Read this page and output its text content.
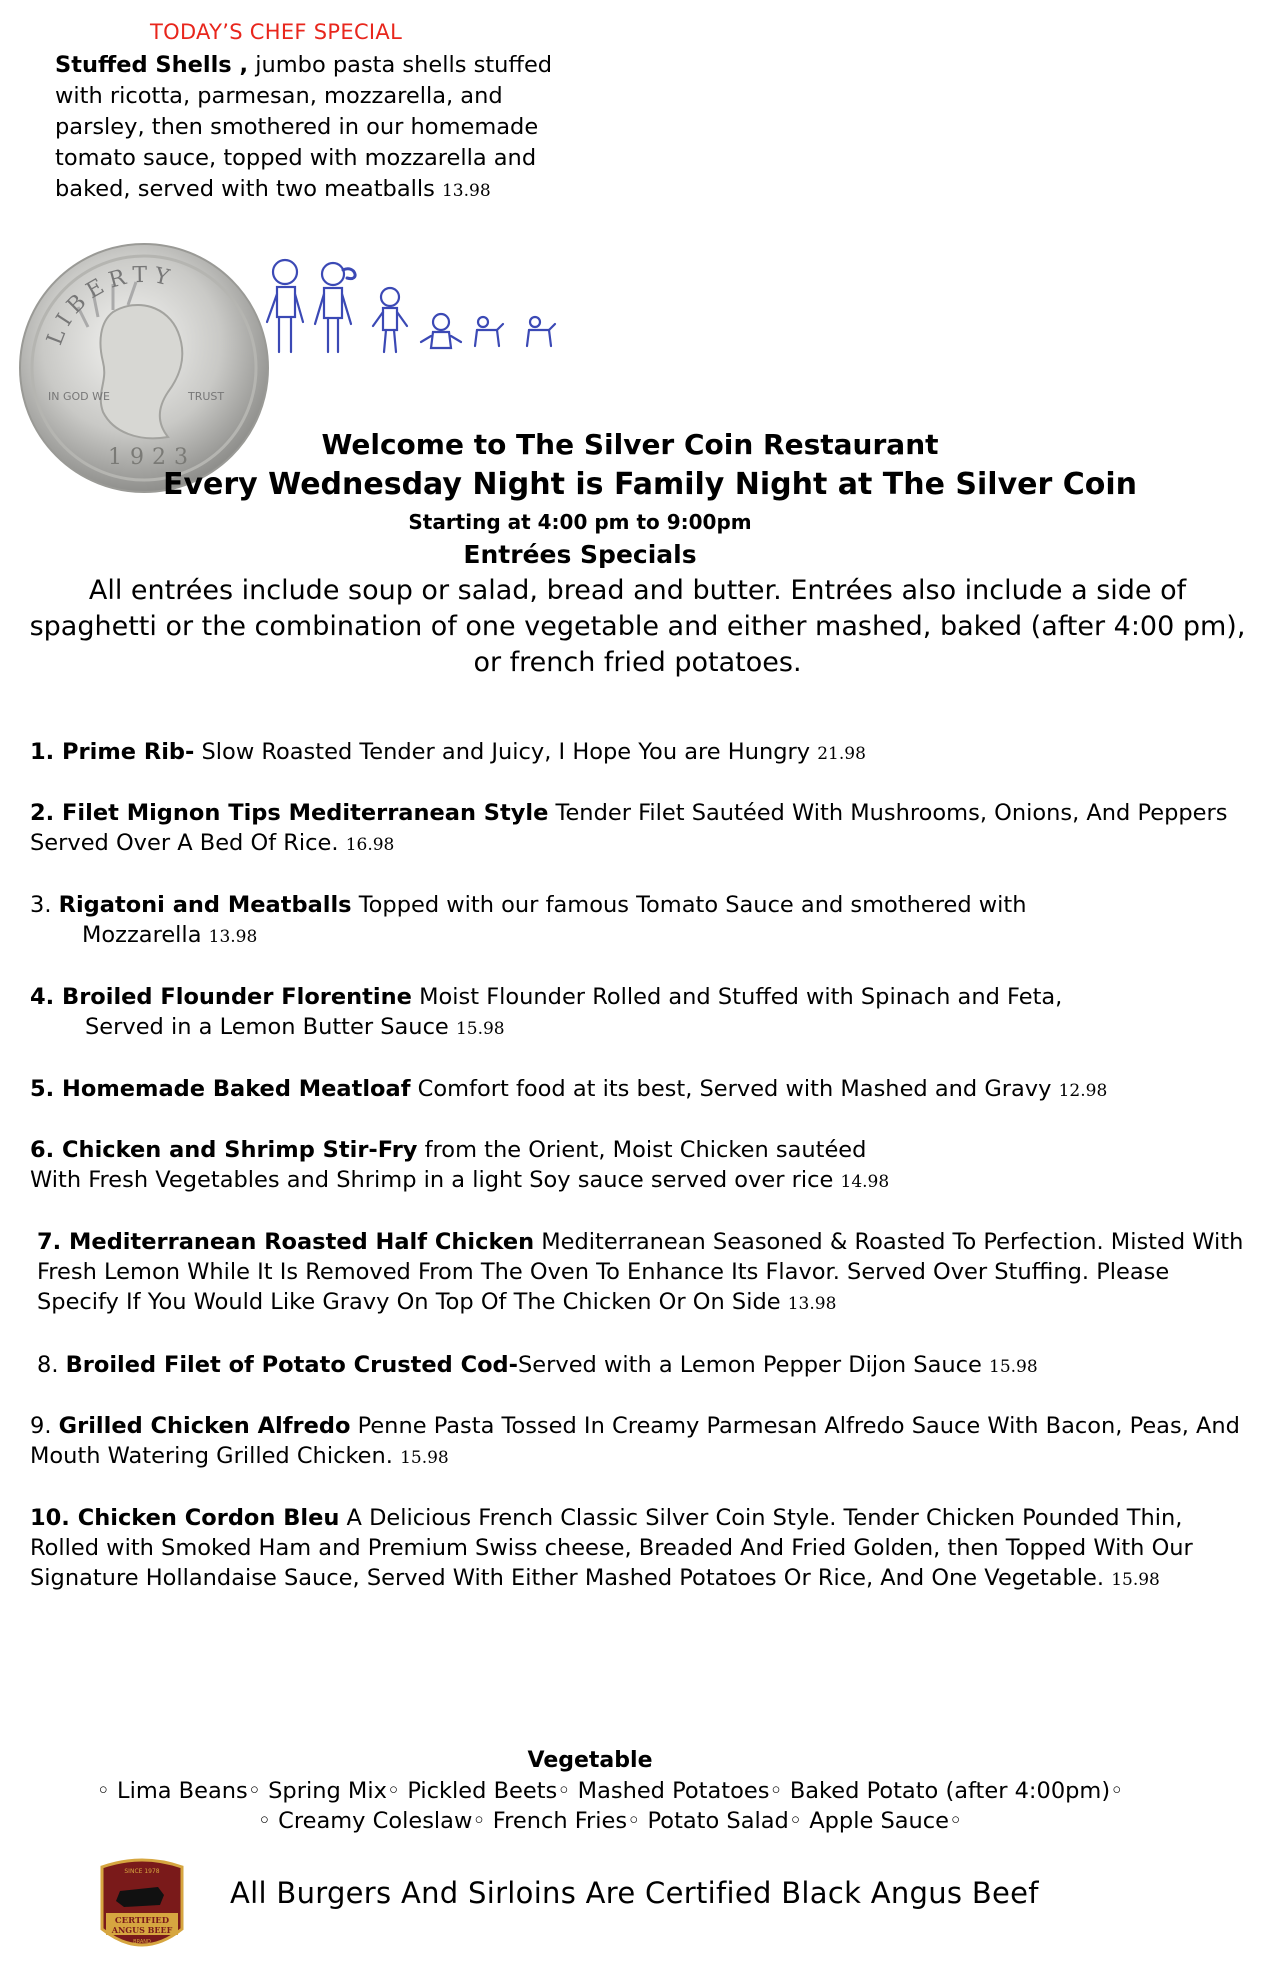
TODAY’S CHEF SPECIAL
Stuffed Shells , jumbo pasta shells stuffed with ricotta, parmesan, mozzarella, and parsley, then smothered in our homemade tomato sauce, topped with mozzarella and baked, served with two meatballs 13.98
LIBERTY
IN GOD WE	TRUST
1923	Welcome to The Silver Coin Restaurant
Every Wednesday Night is Family Night at The Silver Coin
Starting at 4:00 pm to 9:00pm
Entrées Specials
All entrées include soup or salad, bread and butter. Entrées also include a side of spaghetti or the combination of one vegetable and either mashed, baked (after 4:00 pm), or french fried potatoes.
1. Prime Rib- Slow Roasted Tender and Juicy, I Hope You are Hungry 21.98
2. Filet Mignon Tips Mediterranean Style Tender Filet Sautéed With Mushrooms, Onions, And Peppers Served Over A Bed Of Rice. 16.98
3. Rigatoni and Meatballs Topped with our famous Tomato Sauce and smothered with
Mozzarella 13.98
4. Broiled Flounder Florentine Moist Flounder Rolled and Stuffed with Spinach and Feta,
Served in a Lemon Butter Sauce 15.98
5. Homemade Baked Meatloaf Comfort food at its best, Served with Mashed and Gravy 12.98
6. Chicken and Shrimp Stir-Fry from the Orient, Moist Chicken sautéed
With Fresh Vegetables and Shrimp in a light Soy sauce served over rice 14.98
7. Mediterranean Roasted Half Chicken Mediterranean Seasoned & Roasted To Perfection. Misted With Fresh Lemon While It Is Removed From The Oven To Enhance Its Flavor. Served Over Stuffing. Please Specify If You Would Like Gravy On Top Of The Chicken Or On Side 13.98
8. Broiled Filet of Potato Crusted Cod-Served with a Lemon Pepper Dijon Sauce 15.98
9. Grilled Chicken Alfredo Penne Pasta Tossed In Creamy Parmesan Alfredo Sauce With Bacon, Peas, And Mouth Watering Grilled Chicken. 15.98
10. Chicken Cordon Bleu A Delicious French Classic Silver Coin Style. Tender Chicken Pounded Thin, Rolled with Smoked Ham and Premium Swiss cheese, Breaded And Fried Golden, then Topped With Our Signature Hollandaise Sauce, Served With Either Mashed Potatoes Or Rice, And One Vegetable. 15.98
Vegetable
◦ Lima Beans◦ Spring Mix◦ Pickled Beets◦ Mashed Potatoes◦ Baked Potato (after 4:00pm)◦
◦ Creamy Coleslaw◦ French Fries◦ Potato Salad◦ Apple Sauce◦
SINCE 1978
CERTIFIED
ANGUS BEEF
BRAND
All Burgers And Sirloins Are Certified Black Angus Beef
